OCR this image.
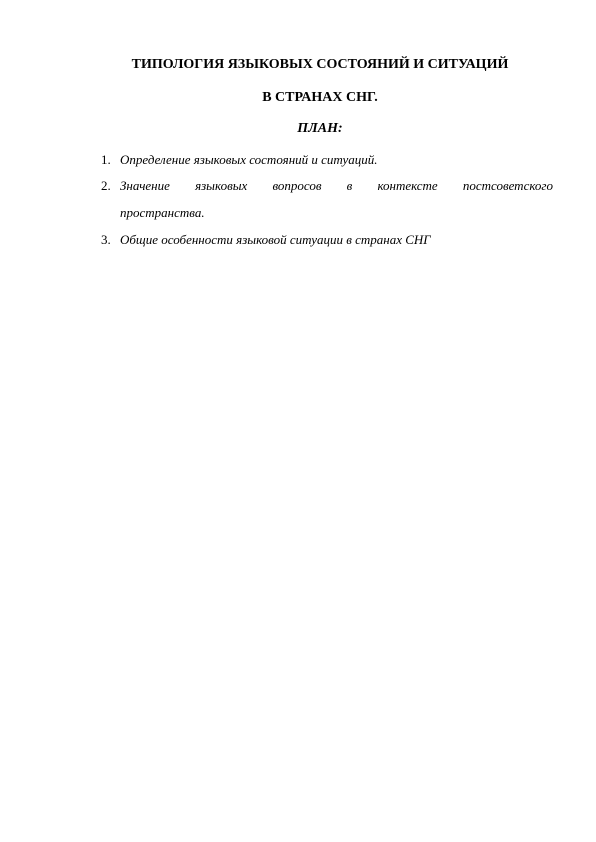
ТИПОЛОГИЯ ЯЗЫКОВЫХ СОСТОЯНИЙ И СИТУАЦИЙ
В СТРАНАХ СНГ.
ПЛАН:
1. Определение языковых состояний и ситуаций.
2. Значение языковых вопросов в контексте постсоветского
пространства.
3. Общие особенности языковой ситуации в странах СНГ
